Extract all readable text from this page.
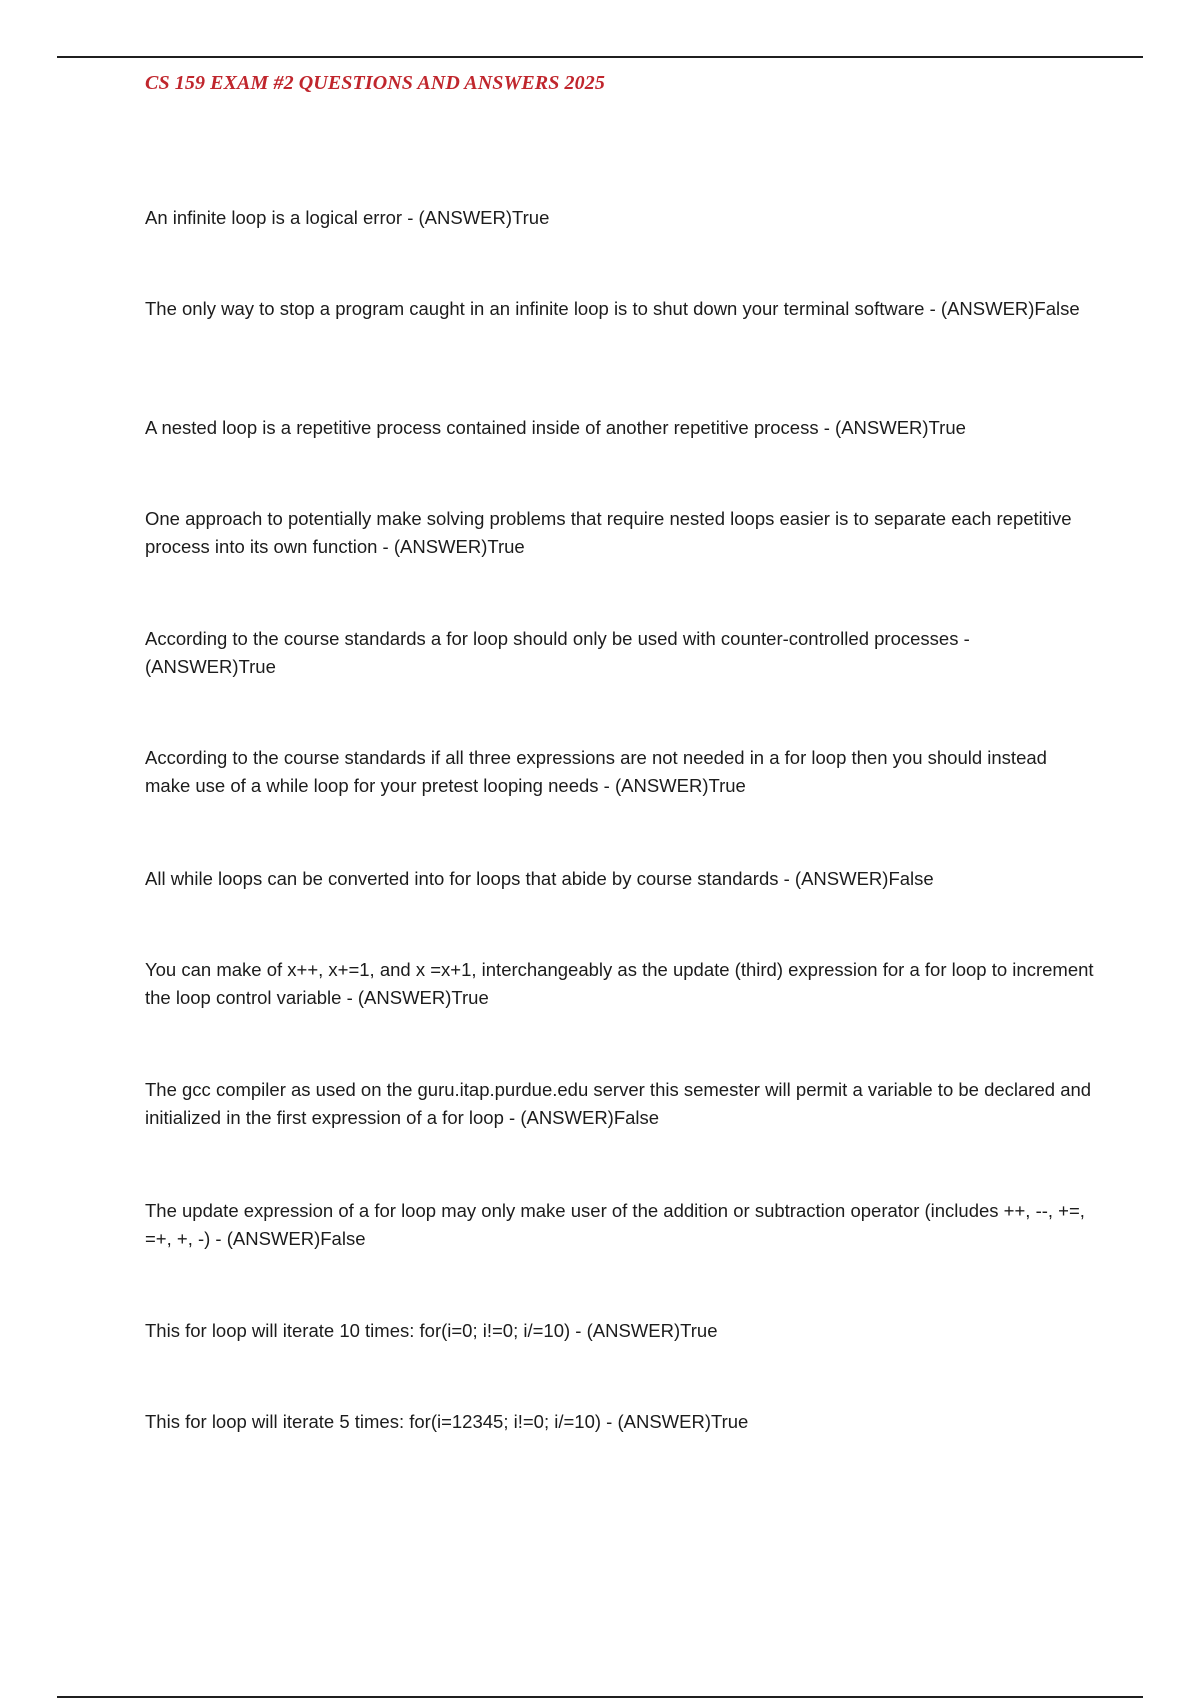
CS 159 EXAM #2 QUESTIONS AND ANSWERS 2025

An infinite loop is a logical error - (ANSWER)True

The only way to stop a program caught in an infinite loop is to shut down your terminal software - (ANSWER)False

A nested loop is a repetitive process contained inside of another repetitive process - (ANSWER)True

One approach to potentially make solving problems that require nested loops easier is to separate each repetitive process into its own function - (ANSWER)True

According to the course standards a for loop should only be used with counter-controlled processes - (ANSWER)True

According to the course standards if all three expressions are not needed in a for loop then you should instead make use of a while loop for your pretest looping needs - (ANSWER)True

All while loops can be converted into for loops that abide by course standards - (ANSWER)False

You can make of x++, x+=1, and x =x+1, interchangeably as the update (third) expression for a for loop to increment the loop control variable - (ANSWER)True

The gcc compiler as used on the guru.itap.purdue.edu server this semester will permit a variable to be declared and initialized in the first expression of a for loop - (ANSWER)False

The update expression of a for loop may only make user of the addition or subtraction operator (includes ++, --, +=, =+, +, -) - (ANSWER)False

This for loop will iterate 10 times: for(i=0; i!=0; i/=10) - (ANSWER)True

This for loop will iterate 5 times: for(i=12345; i!=0; i/=10) - (ANSWER)True
